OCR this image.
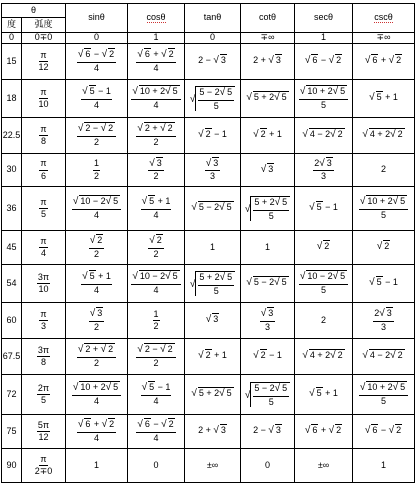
θ		sinθ	cosθ	tanθ	cotθ	secθ	cscθ
度	弧度						
0	0∓0	0	1	0	∓∞	1	∓∞
15	$\frac{\pi}{12}$	$\frac{√ 6 - √ 2}{4}$	$\frac{√ 6 + √ 2}{4}$	2 − √ 3	2 + √ 3	√ 6 − √ 2	√ 6 + √ 2
18	$\frac{\pi}{10}$	$\frac{√ 5 - 1}{4}$	$\frac{√ 10 + 2√ 5}{4}$	√ $\frac{5 - 2√ 5}{5}$	√ 5 + 2√ 5	$\frac{√ 10 + 2√ 5}{5}$	√ 5 + 1
22.5	$\frac{\pi}{8}$	$\frac{√ 2 - √ 2}{2}$	$\frac{√ 2 + √ 2}{2}$	√ 2 − 1	√ 2 + 1	√ 4 − 2√ 2	√ 4 + 2√ 2
30	$\frac{\pi}{6}$	$\frac{1}{2}$	$\frac{√ 3}{2}$	$\frac{√ 3}{3}$	√ 3	$\frac{2√ 3}{3}$	2
36	$\frac{\pi}{5}$	$\frac{√ 10 - 2√ 5}{4}$	$\frac{√ 5 + 1}{4}$	√ 5 − 2√ 5	√ $\frac{5 + 2√ 5}{5}$	√ 5 − 1	$\frac{√ 10 + 2√ 5}{5}$

45	$\frac{\pi}{4}$	$\frac{√ 2}{2}$	$\frac{√ 2}{2}$	1	1	√ 2	√ 2
54	$\frac{3\pi}{10}$	$\frac{√ 5 + 1}{4}$	$\frac{√ 10 - 2√ 5}{4}$	√ $\frac{5 + 2√ 5}{5}$	√ 5 − 2√ 5	$\frac{√ 10 - 2√ 5}{5}$	√ 5 − 1
60	$\frac{\pi}{3}$	$\frac{√ 3}{2}$	$\frac{1}{2}$	√ 3	$\frac{√ 3}{3}$	2	$\frac{2√ 3}{3}$

67.5	$\frac{3\pi}{8}$	$\frac{√ 2 + √ 2}{2}$	$\frac{√ 2 - √ 2}{2}$	√ 2 + 1	√ 2 − 1	√ 4 + 2√ 2	√ 4 − 2√ 2
72	$\frac{2\pi}{5}$	$\frac{√ 10 + 2√ 5}{4}$	$\frac{√ 5 - 1}{4}$	√ 5 + 2√ 5	√ $\frac{5 - 2√ 5}{5}$	√ 5 + 1	$\frac{√ 10 + 2√ 5}{5}$

75	$\frac{5\pi}{12}$	$\frac{√ 6 + √ 2}{4}$	$\frac{√ 6 - √ 2}{4}$	2 + √ 3	2 − √ 3	√ 6 + √ 2	√ 6 − √ 2
90	$\frac{\pi}{2\mp 0}$	1	0	±∞	0	±∞	1
